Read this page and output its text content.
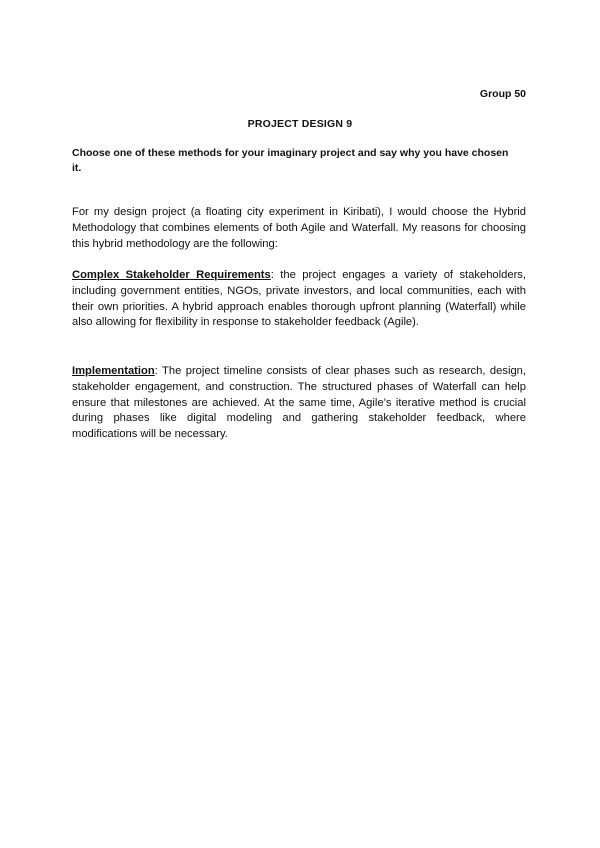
Group 50
PROJECT DESIGN 9
Choose one of these methods for your imaginary project and say why you have chosen it.

For my design project (a floating city experiment in Kiribati), I would choose the Hybrid Methodology that combines elements of both Agile and Waterfall. My reasons for choosing this hybrid methodology are the following:

Complex Stakeholder Requirements: the project engages a variety of stakeholders, including government entities, NGOs, private investors, and local communities, each with their own priorities. A hybrid approach enables thorough upfront planning (Waterfall) while also allowing for flexibility in response to stakeholder feedback (Agile).

Implementation: The project timeline consists of clear phases such as research, design, stakeholder engagement, and construction. The structured phases of Waterfall can help ensure that milestones are achieved. At the same time, Agile’s iterative method is crucial during phases like digital modeling and gathering stakeholder feedback, where modifications will be necessary.
